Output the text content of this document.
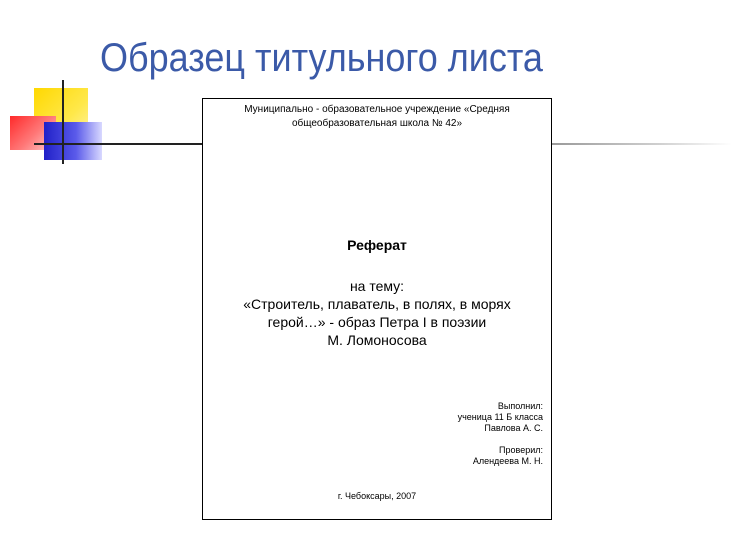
Образец титульного листа
Муниципально - образовательное учреждение «Средняя
общеобразовательная школа № 42»
Реферат
на тему:
«Строитель, плаватель, в полях, в морях
герой…» - образ Петра I в поэзии
М. Ломоносова
Выполнил:
ученица 11 Б класса
Павлова А. С.
Проверил:
Алендеева М. Н.
г. Чебоксары, 2007
